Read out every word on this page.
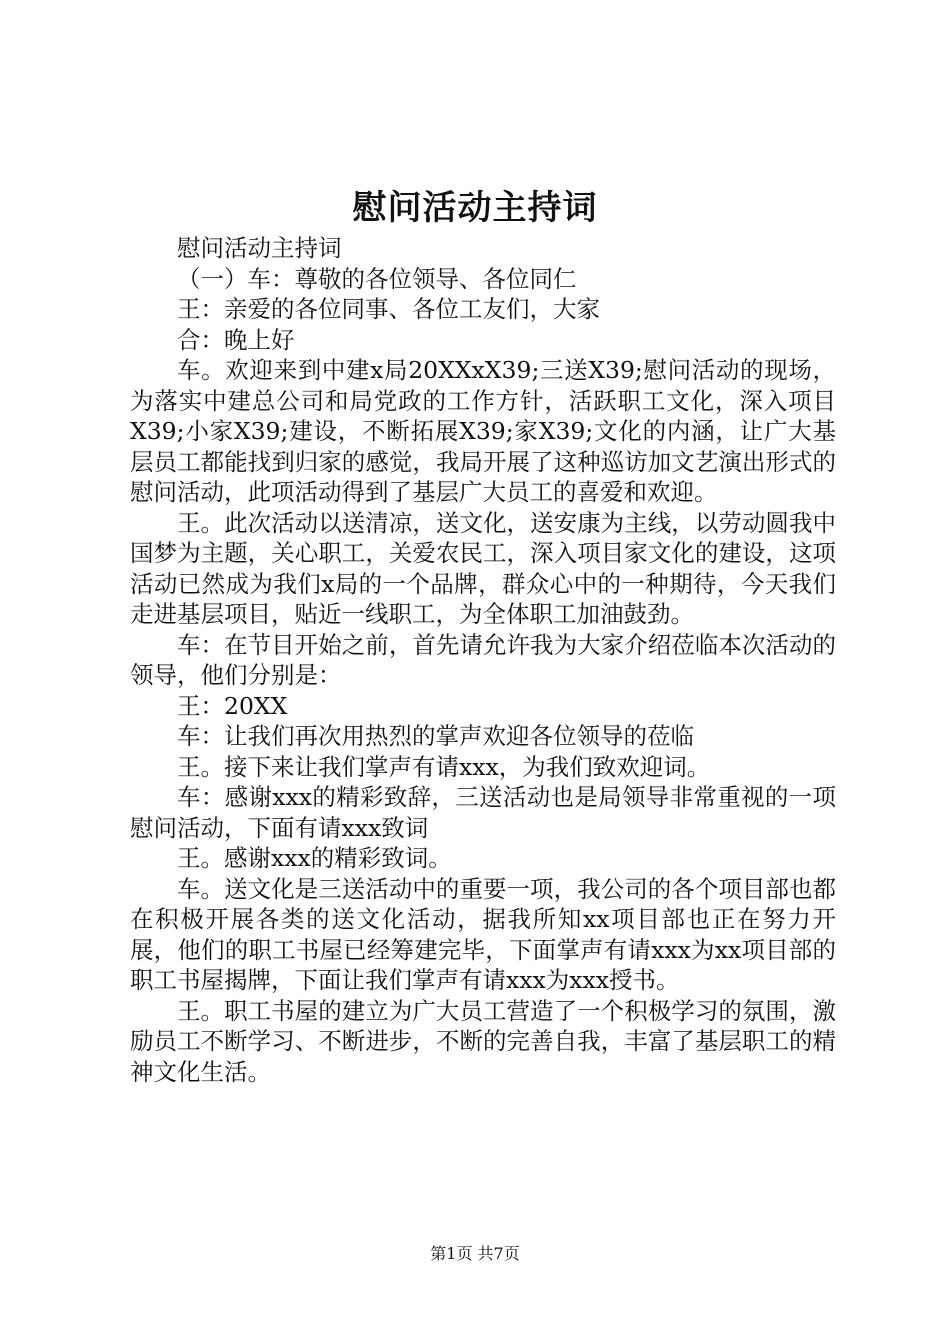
慰问活动主持词

慰问活动主持词

（一）车：尊敬的各位领导、各位同仁

王：亲爱的各位同事、各位工友们，大家

合：晚上好

车。欢迎来到中建x局20XXxX39;三送X39;慰问活动的现场，为落实中建总公司和局党政的工作方针，活跃职工文化，深入项目X39;小家X39;建设，不断拓展X39;家X39;文化的内涵，让广大基层员工都能找到归家的感觉，我局开展了这种巡访加文艺演出形式的慰问活动，此项活动得到了基层广大员工的喜爱和欢迎。

王。此次活动以送清凉，送文化，送安康为主线，以劳动圆我中国梦为主题，关心职工，关爱农民工，深入项目家文化的建设，这项活动已然成为我们x局的一个品牌，群众心中的一种期待，今天我们走进基层项目，贴近一线职工，为全体职工加油鼓劲。

车：在节目开始之前，首先请允许我为大家介绍莅临本次活动的领导，他们分别是：

王：20XX

车：让我们再次用热烈的掌声欢迎各位领导的莅临

王。接下来让我们掌声有请xxx，为我们致欢迎词。

车：感谢xxx的精彩致辞，三送活动也是局领导非常重视的一项慰问活动，下面有请xxx致词

王。感谢xxx的精彩致词。

车。送文化是三送活动中的重要一项，我公司的各个项目部也都在积极开展各类的送文化活动，据我所知xx项目部也正在努力开展，他们的职工书屋已经筹建完毕，下面掌声有请xxx为xx项目部的职工书屋揭牌，下面让我们掌声有请xxx为xxx授书。

王。职工书屋的建立为广大员工营造了一个积极学习的氛围，激励员工不断学习、不断进步，不断的完善自我，丰富了基层职工的精神文化生活。

第1页 共7页
